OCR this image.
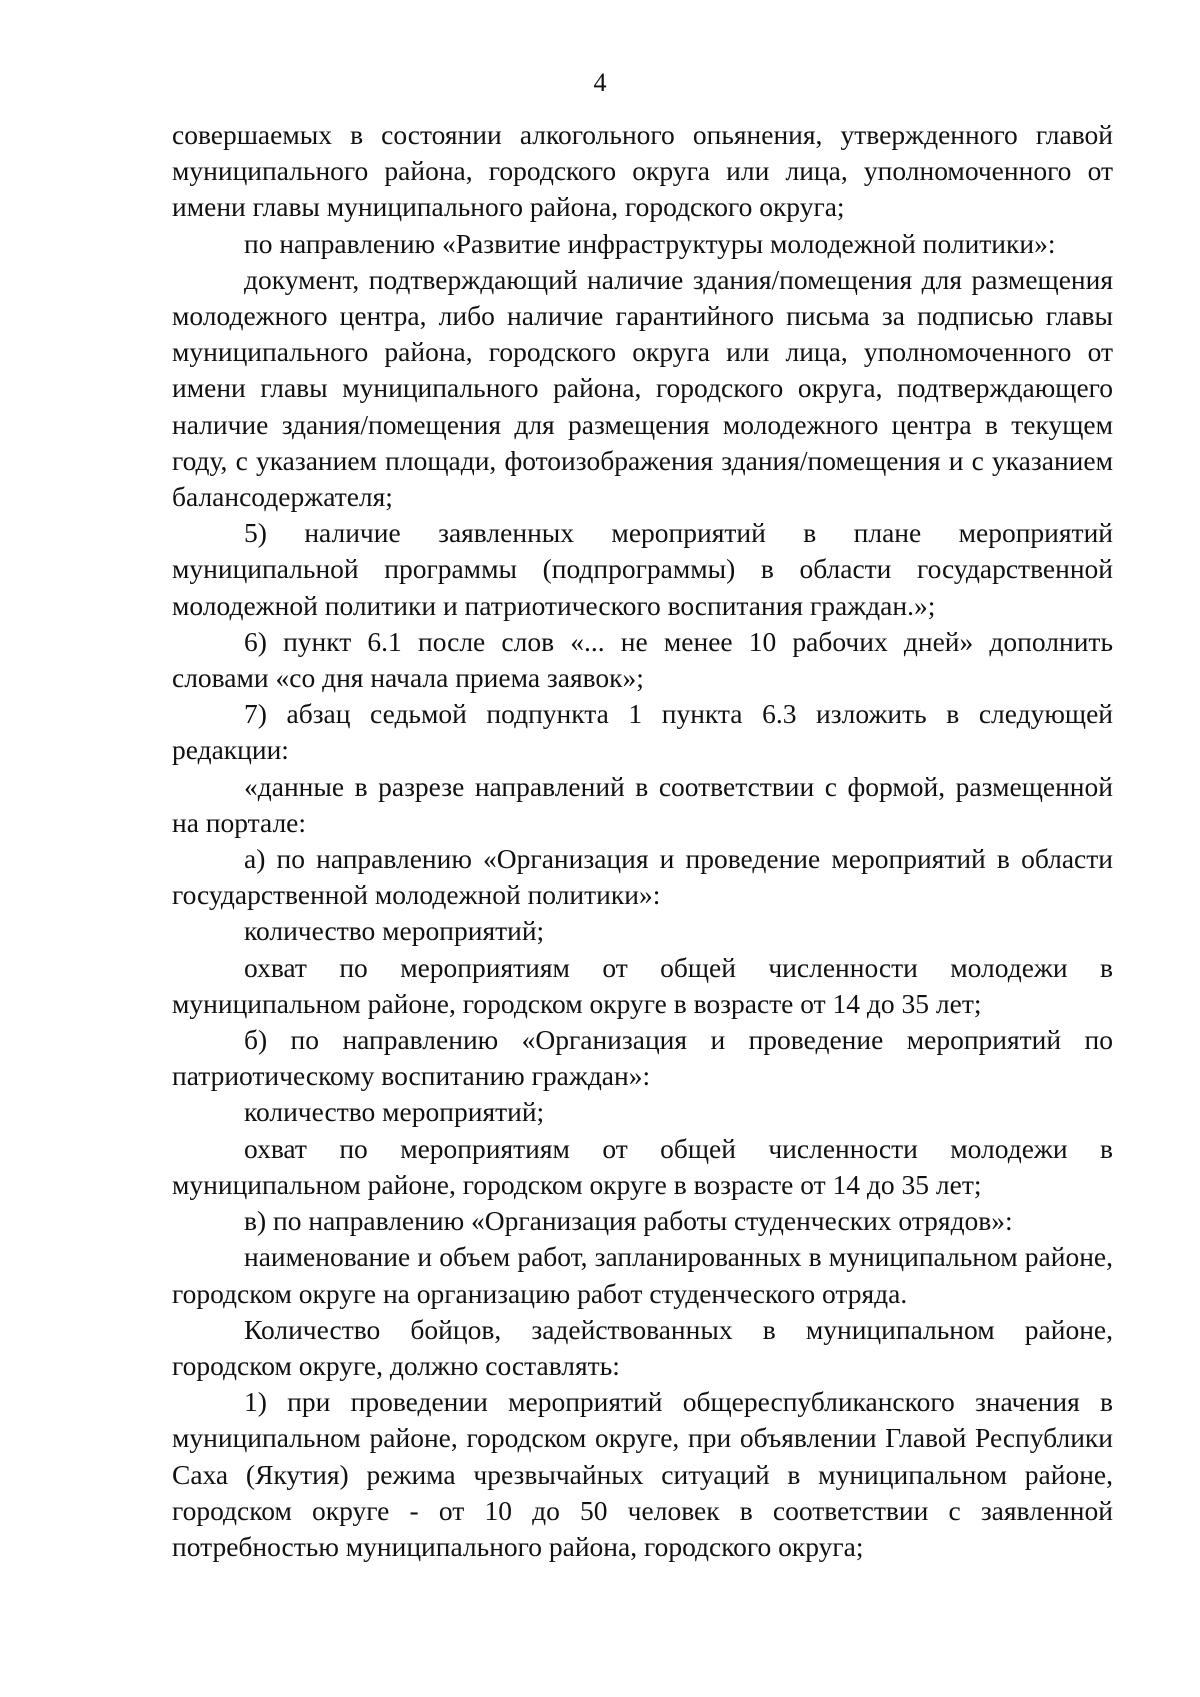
4

совершаемых в состоянии алкогольного опьянения, утвержденного главой муниципального района, городского округа или лица, уполномоченного от имени главы муниципального района, городского округа;

по направлению «Развитие инфраструктуры молодежной политики»:

документ, подтверждающий наличие здания/помещения для размещения молодежного центра, либо наличие гарантийного письма за подписью главы муниципального района, городского округа или лица, уполномоченного от имени главы муниципального района, городского округа, подтверждающего наличие здания/помещения для размещения молодежного центра в текущем году, с указанием площади, фотоизображения здания/помещения и с указанием балансодержателя;

5) наличие заявленных мероприятий в плане мероприятий муниципальной программы (подпрограммы) в области государственной молодежной политики и патриотического воспитания граждан.»;

6) пункт 6.1 после слов «... не менее 10 рабочих дней» дополнить словами «со дня начала приема заявок»;

7) абзац седьмой подпункта 1 пункта 6.3 изложить в следующей редакции:

«данные в разрезе направлений в соответствии с формой, размещенной на портале:

а) по направлению «Организация и проведение мероприятий в области государственной молодежной политики»:

количество мероприятий;

охват по мероприятиям от общей численности молодежи в муниципальном районе, городском округе в возрасте от 14 до 35 лет;

б) по направлению «Организация и проведение мероприятий по патриотическому воспитанию граждан»:

количество мероприятий;

охват по мероприятиям от общей численности молодежи в муниципальном районе, городском округе в возрасте от 14 до 35 лет;

в) по направлению «Организация работы студенческих отрядов»:

наименование и объем работ, запланированных в муниципальном районе, городском округе на организацию работ студенческого отряда.

Количество бойцов, задействованных в муниципальном районе, городском округе, должно составлять:

1) при проведении мероприятий общереспубликанского значения в муниципальном районе, городском округе, при объявлении Главой Республики Саха (Якутия) режима чрезвычайных ситуаций в муниципальном районе, городском округе - от 10 до 50 человек в соответствии с заявленной потребностью муниципального района, городского округа;
